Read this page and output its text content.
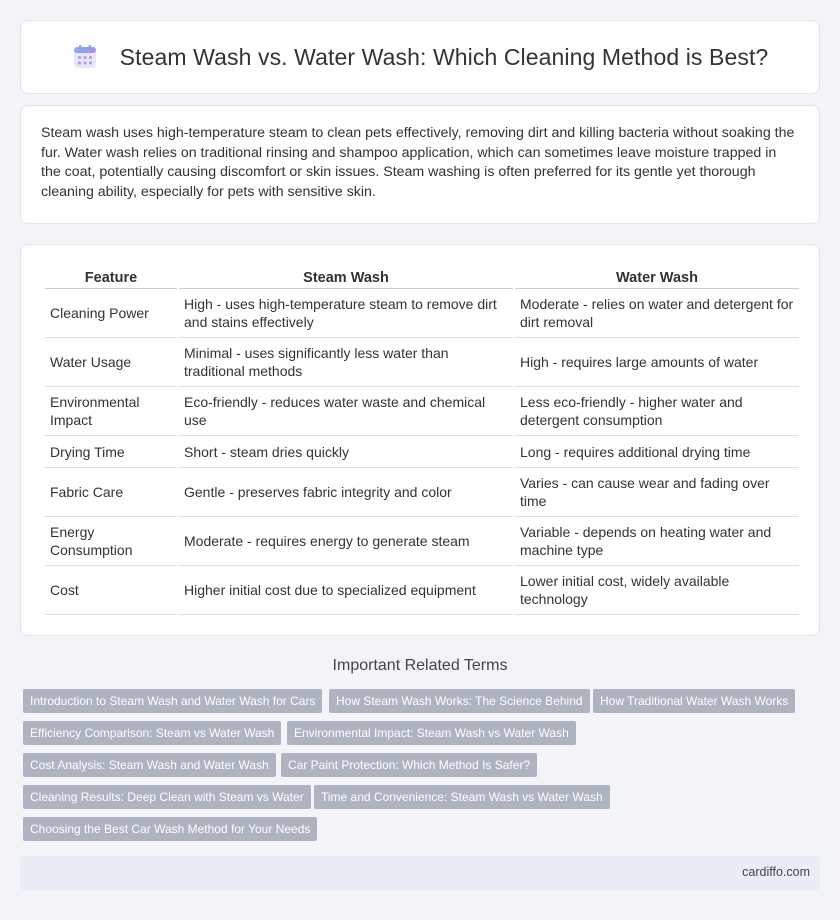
Steam Wash vs. Water Wash: Which Cleaning Method is Best?

Steam wash uses high-temperature steam to clean pets effectively, removing dirt and killing bacteria without soaking the fur. Water wash relies on traditional rinsing and shampoo application, which can sometimes leave moisture trapped in the coat, potentially causing discomfort or skin issues. Steam washing is often preferred for its gentle yet thorough cleaning ability, especially for pets with sensitive skin.

Feature	Steam Wash	Water Wash
Cleaning Power	High - uses high-temperature steam to remove dirt and stains effectively	Moderate - relies on water and detergent for dirt removal
Water Usage	Minimal - uses significantly less water than traditional methods	High - requires large amounts of water
Environmental Impact	Eco-friendly - reduces water waste and chemical use	Less eco-friendly - higher water and detergent consumption
Drying Time	Short - steam dries quickly	Long - requires additional drying time
Fabric Care	Gentle - preserves fabric integrity and color	Varies - can cause wear and fading over time
Energy Consumption	Moderate - requires energy to generate steam	Variable - depends on heating water and machine type
Cost	Higher initial cost due to specialized equipment	Lower initial cost, widely available technology
Important Related Terms
Introduction to Steam Wash and Water Wash for Cars	How Steam Wash Works: The Science Behind	How Traditional Water Wash Works
Efficiency Comparison: Steam vs Water Wash	Environmental Impact: Steam Wash vs Water Wash
Cost Analysis: Steam Wash and Water Wash	Car Paint Protection: Which Method Is Safer?
Cleaning Results: Deep Clean with Steam vs Water	Time and Convenience: Steam Wash vs Water Wash
Choosing the Best Car Wash Method for Your Needs
cardiffo.com
